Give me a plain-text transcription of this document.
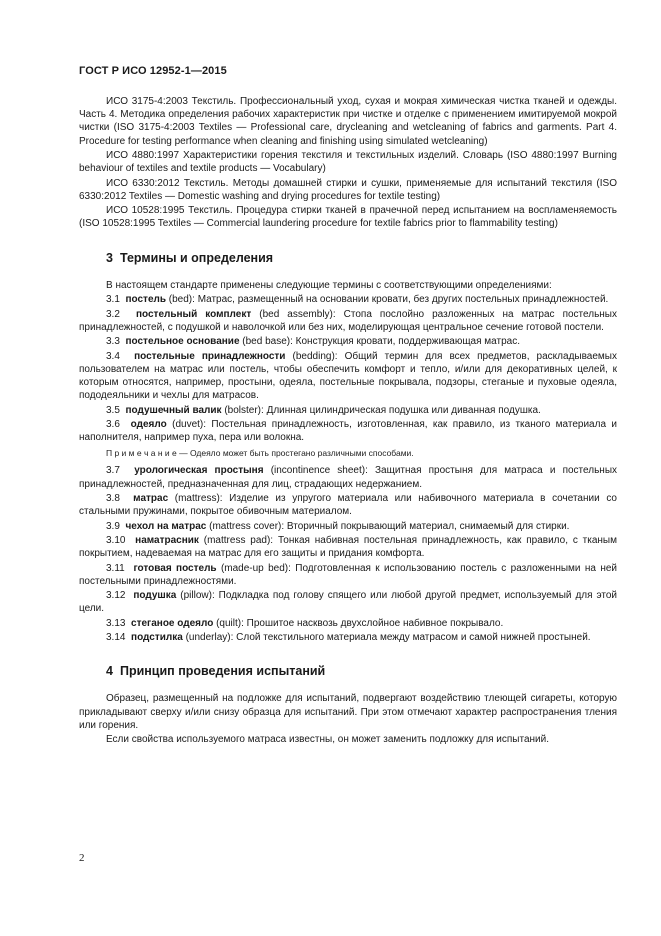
ГОСТ Р ИСО 12952-1—2015

ИСО 3175-4:2003 Текстиль. Профессиональный уход, сухая и мокрая химическая чистка тканей и одежды. Часть 4. Методика определения рабочих характеристик при чистке и отделке с применением имитируемой мокрой чистки (ISO 3175-4:2003 Textiles — Professional care, drycleaning and wetcleaning of fabrics and garments. Part 4. Procedure for testing performance when cleaning and finishing using simulated wetcleaning)

ИСО 4880:1997 Характеристики горения текстиля и текстильных изделий. Словарь (ISO 4880:1997 Burning behaviour of textiles and textile products — Vocabulary)

ИСО 6330:2012 Текстиль. Методы домашней стирки и сушки, применяемые для испытаний текстиля (ISO 6330:2012 Textiles — Domestic washing and drying procedures for textile testing)

ИСО 10528:1995 Текстиль. Процедура стирки тканей в прачечной перед испытанием на воспламеняемость (ISO 10528:1995 Textiles — Commercial laundering procedure for textile fabrics prior to flammability testing)

3 Термины и определения

В настоящем стандарте применены следующие термины с соответствующими определениями:

3.1 постель (bed): Матрас, размещенный на основании кровати, без других постельных принадлежностей.

3.2 постельный комплект (bed assembly): Стопа послойно разложенных на матрас постельных принадлежностей, с подушкой и наволочкой или без них, моделирующая центральное сечение готовой постели.

3.3 постельное основание (bed base): Конструкция кровати, поддерживающая матрас.

3.4 постельные принадлежности (bedding): Общий термин для всех предметов, раскладываемых пользователем на матрас или постель, чтобы обеспечить комфорт и тепло, и/или для декоративных целей, к которым относятся, например, простыни, одеяла, постельные покрывала, подзоры, стеганые и пуховые одеяла, пододеяльники и чехлы для матрасов.

3.5 подушечный валик (bolster): Длинная цилиндрическая подушка или диванная подушка.

3.6 одеяло (duvet): Постельная принадлежность, изготовленная, как правило, из тканого материала и наполнителя, например пуха, пера или волокна.

П р и м е ч а н и е — Одеяло может быть простегано различными способами.

3.7 урологическая простыня (incontinence sheet): Защитная простыня для матраса и постельных принадлежностей, предназначенная для лиц, страдающих недержанием.

3.8 матрас (mattress): Изделие из упругого материала или набивочного материала в сочетании со стальными пружинами, покрытое обивочным материалом.

3.9 чехол на матрас (mattress cover): Вторичный покрывающий материал, снимаемый для стирки.

3.10 наматрасник (mattress pad): Тонкая набивная постельная принадлежность, как правило, с тканым покрытием, надеваемая на матрас для его защиты и придания комфорта.

3.11 готовая постель (made-up bed): Подготовленная к использованию постель с разложенными на ней постельными принадлежностями.

3.12 подушка (pillow): Подкладка под голову спящего или любой другой предмет, используемый для этой цели.

3.13 стеганое одеяло (quilt): Прошитое насквозь двухслойное набивное покрывало.

3.14 подстилка (underlay): Слой текстильного материала между матрасом и самой нижней простыней.

4 Принцип проведения испытаний

Образец, размещенный на подложке для испытаний, подвергают воздействию тлеющей сигареты, которую прикладывают сверху и/или снизу образца для испытаний. При этом отмечают характер распространения тления или горения.

Если свойства используемого матраса известны, он может заменить подложку для испытаний.

2
